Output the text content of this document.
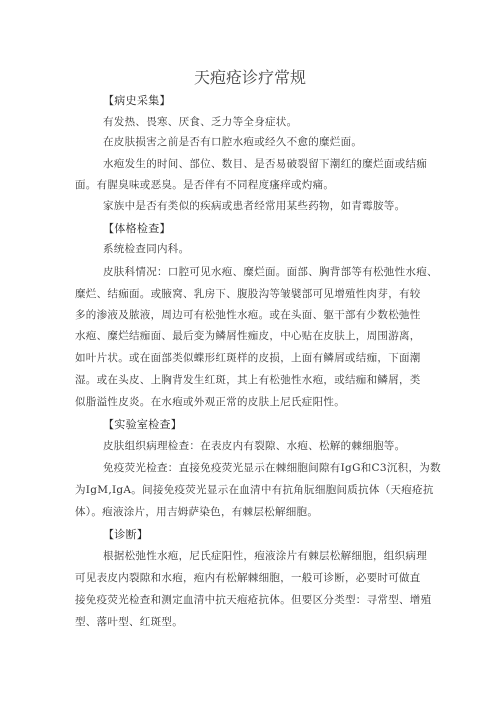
天疱疮诊疗常规
【病史采集】
有发热、畏寒、厌食、乏力等全身症状。
在皮肤损害之前是否有口腔水疱或经久不愈的糜烂面。
水疱发生的时间、部位、数目、是否易破裂留下潮红的糜烂面或结痂
面。有腥臭味或恶臭。是否伴有不同程度瘙痒或灼痛。
家族中是否有类似的疾病或患者经常用某些药物，如青霉胺等。
【体格检查】
系统检查同内科。
皮肤科情况：口腔可见水疱、糜烂面。面部、胸背部等有松弛性水疱、
糜烂、结痂面。或腋窝、乳房下、腹股沟等皱襞部可见增殖性肉芽，有较
多的渗液及脓液，周边可有松弛性水疱。或在头面、躯干部有少数松弛性
水疱、糜烂结痂面、最后变为鳞屑性痂皮，中心贴在皮肤上，周围游离，
如叶片状。或在面部类似蝶形红斑样的皮损，上面有鳞屑或结痂，下面潮
湿。或在头皮、上胸背发生红斑，其上有松弛性水疱，或结痂和鳞屑，类
似脂溢性皮炎。在水疱或外观正常的皮肤上尼氏症阳性。
【实验室检查】
皮肤组织病理检查：在表皮内有裂隙、水疱、松解的棘细胞等。
免疫荧光检查：直接免疫荧光显示在棘细胞间隙有IgG和C3沉积，为数
为IgM,IgA。间接免疫荧光显示在血清中有抗角朊细胞间质抗体（天疱疮抗
体）。疱液涂片，用吉姆萨染色，有棘层松解细胞。
【诊断】
根据松弛性水疱，尼氏症阳性，疱液涂片有棘层松解细胞，组织病理
可见表皮内裂隙和水疱，疱内有松解棘细胞，一般可诊断，必要时可做直
接免疫荧光检查和测定血清中抗天疱疮抗体。但要区分类型：寻常型、增殖
型、落叶型、红斑型。
